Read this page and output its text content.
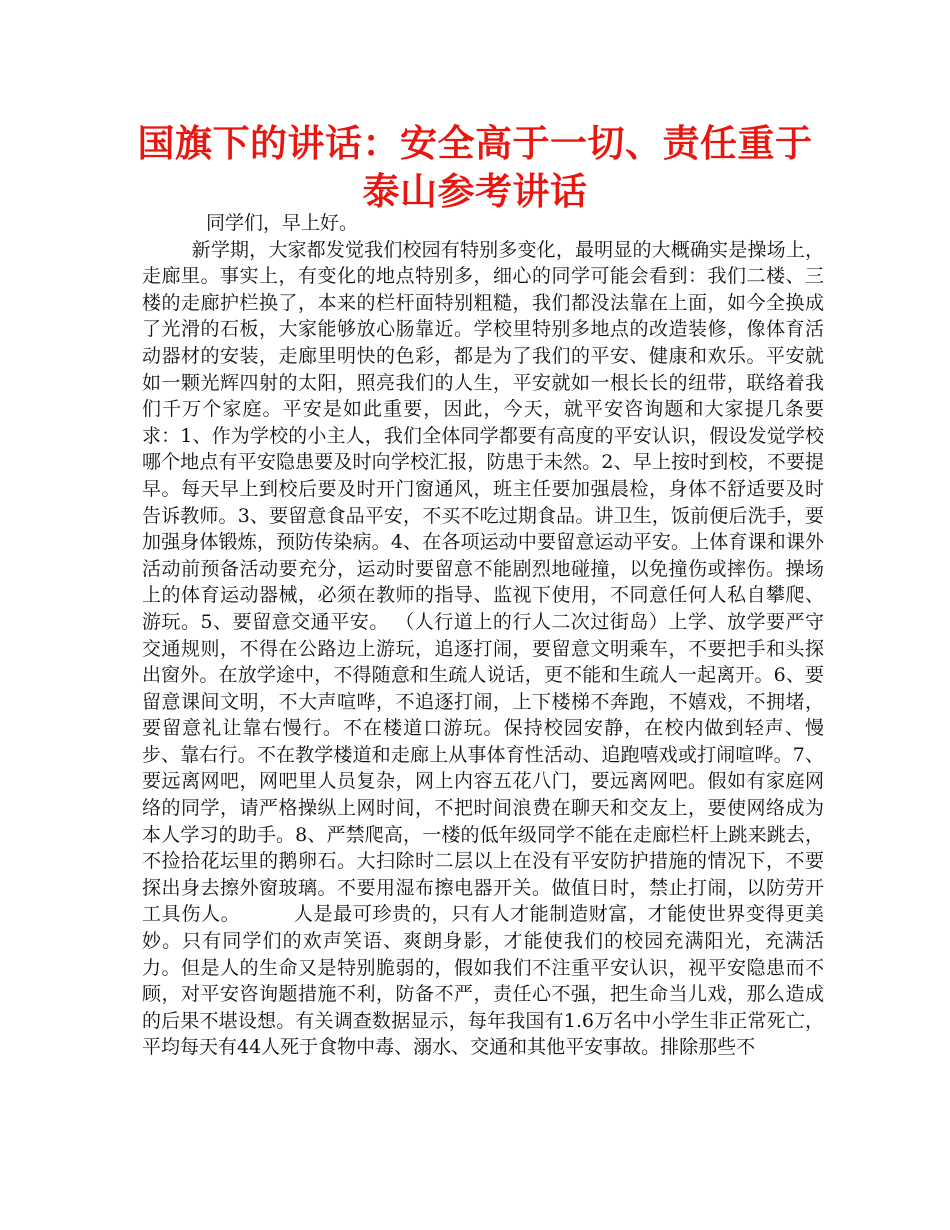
国旗下的讲话：安全高于一切、责任重于
泰山参考讲话

同学们，早上好。

新学期，大家都发觉我们校园有特别多变化，最明显的大概确实是操场上，走廊里。事实上，有变化的地点特别多，细心的同学可能会看到：我们二楼、三楼的走廊护栏换了，本来的栏杆面特别粗糙，我们都没法靠在上面，如今全换成了光滑的石板，大家能够放心肠靠近。学校里特别多地点的改造装修，像体育活动器材的安装，走廊里明快的色彩，都是为了我们的平安、健康和欢乐。平安就如一颗光辉四射的太阳，照亮我们的人生，平安就如一根长长的纽带，联络着我们千万个家庭。平安是如此重要，因此，今天，就平安咨询题和大家提几条要求：1、作为学校的小主人，我们全体同学都要有高度的平安认识，假设发觉学校哪个地点有平安隐患要及时向学校汇报，防患于未然。2、早上按时到校，不要提早。每天早上到校后要及时开门窗通风，班主任要加强晨检，身体不舒适要及时告诉教师。3、要留意食品平安，不买不吃过期食品。讲卫生，饭前便后洗手，要加强身体锻炼，预防传染病。4、在各项运动中要留意运动平安。上体育课和课外活动前预备活动要充分，运动时要留意不能剧烈地碰撞，以免撞伤或摔伤。操场上的体育运动器械，必须在教师的指导、监视下使用，不同意任何人私自攀爬、游玩。5、要留意交通平安。 （人行道上的行人二次过街岛）上学、放学要严守交通规则，不得在公路边上游玩，追逐打闹，要留意文明乘车，不要把手和头探出窗外。在放学途中，不得随意和生疏人说话，更不能和生疏人一起离开。6、要留意课间文明，不大声喧哗，不追逐打闹，上下楼梯不奔跑，不嬉戏，不拥堵，要留意礼让靠右慢行。不在楼道口游玩。保持校园安静，在校内做到轻声、慢步、靠右行。不在教学楼道和走廊上从事体育性活动、追跑嘻戏或打闹喧哗。7、要远离网吧，网吧里人员复杂，网上内容五花八门，要远离网吧。假如有家庭网络的同学，请严格操纵上网时间，不把时间浪费在聊天和交友上，要使网络成为本人学习的助手。8、严禁爬高，一楼的低年级同学不能在走廊栏杆上跳来跳去，不捡拾花坛里的鹅卵石。大扫除时二层以上在没有平安防护措施的情况下，不要探出身去擦外窗玻璃。不要用湿布擦电器开关。做值日时，禁止打闹，以防劳开工具伤人。        人是最可珍贵的，只有人才能制造财富，才能使世界变得更美妙。只有同学们的欢声笑语、爽朗身影，才能使我们的校园充满阳光，充满活力。但是人的生命又是特别脆弱的，假如我们不注重平安认识，视平安隐患而不顾，对平安咨询题措施不利，防备不严，责任心不强，把生命当儿戏，那么造成的后果不堪设想。有关调查数据显示，每年我国有1.6万名中小学生非正常死亡，平均每天有44人死于食物中毒、溺水、交通和其他平安事故。排除那些不
